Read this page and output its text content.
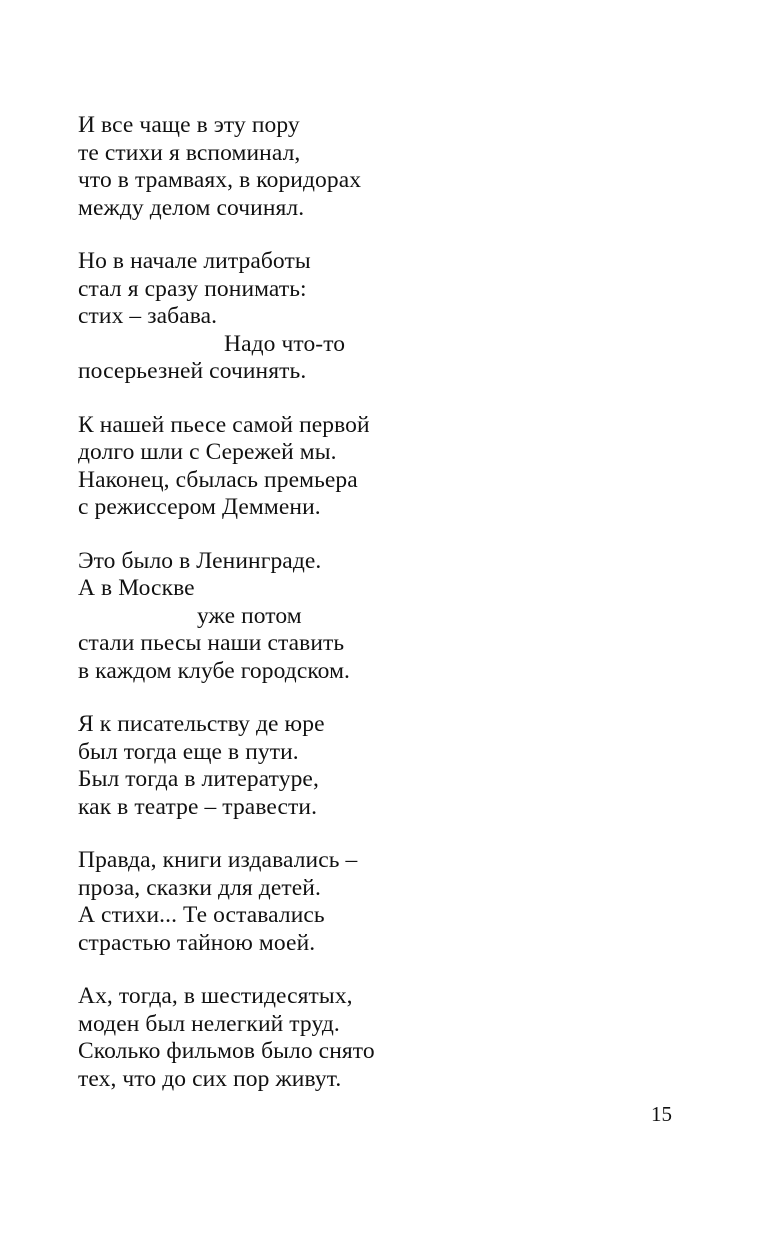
И все чаще в эту пору
те стихи я вспоминал,
что в трамваях, в коридорах
между делом сочинял.
Но в начале литработы
стал я сразу понимать:
стих – забава.
Надо что-то
посерьезней сочинять.
К нашей пьесе самой первой
долго шли с Сережей мы.
Наконец, сбылась премьера
с режиссером Деммени.
Это было в Ленинграде.
А в Москве
уже потом
стали пьесы наши ставить
в каждом клубе городском.
Я к писательству де юре
был тогда еще в пути.
Был тогда в литературе,
как в театре – травести.
Правда, книги издавались –
проза, сказки для детей.
А стихи... Те оставались
страстью тайною моей.
Ах, тогда, в шестидесятых,
моден был нелегкий труд.
Сколько фильмов было снято
тех, что до сих пор живут.
15
